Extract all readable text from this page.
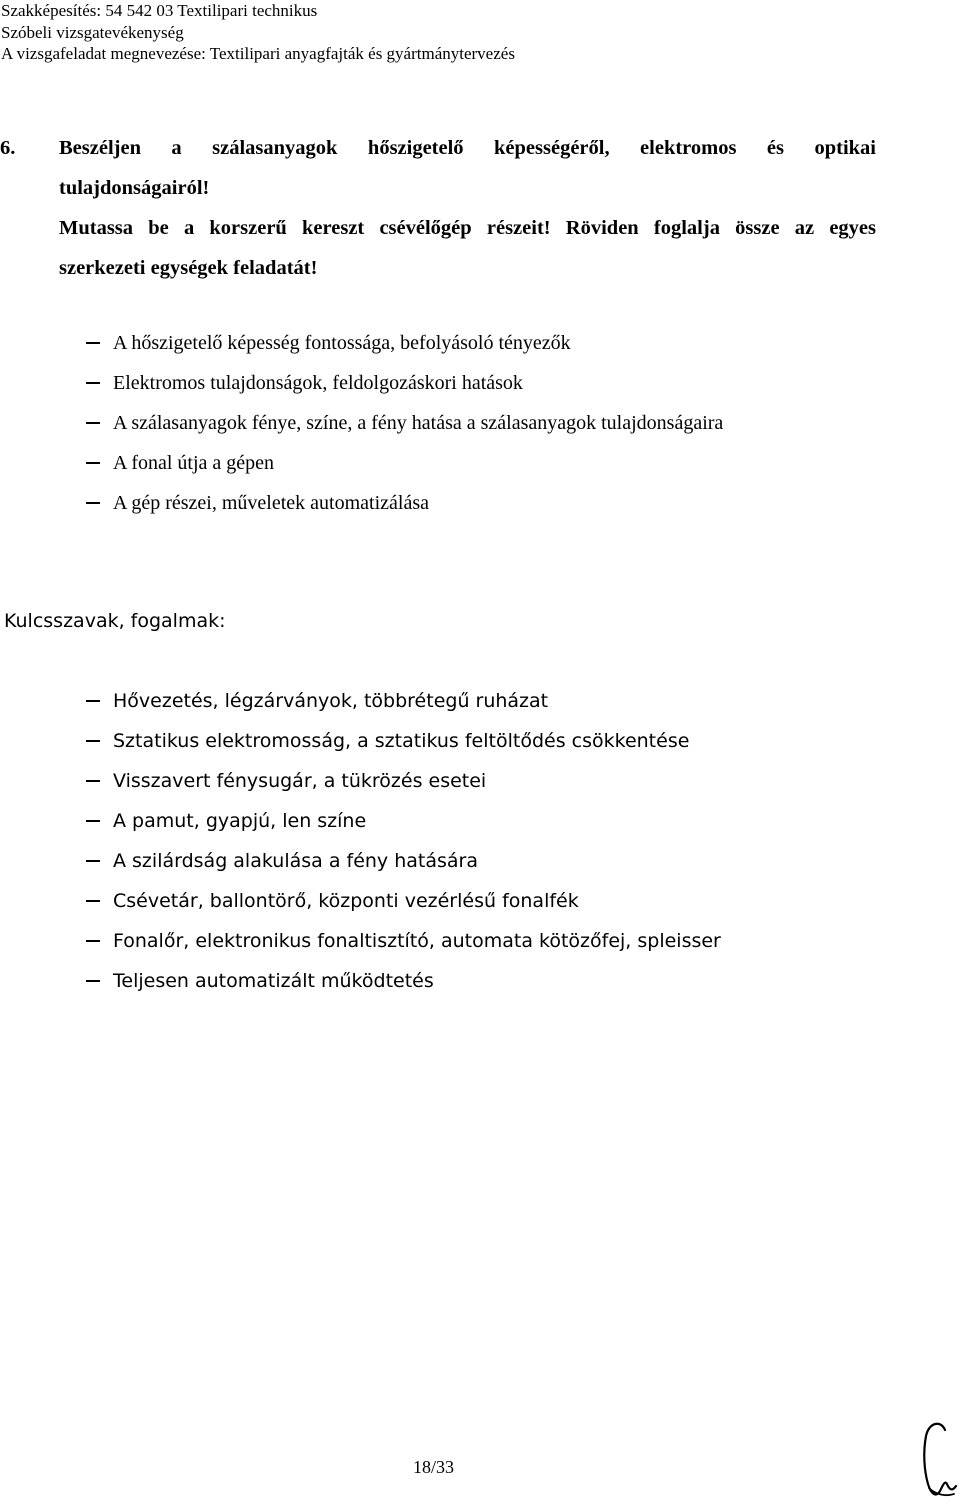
Szakképesítés: 54 542 03 Textilipari technikus
Szóbeli vizsgatevékenység
A vizsgafeladat megnevezése: Textilipari anyagfajták és gyártmánytervezés
6. Beszéljen a szálasanyagok hőszigetelő képességéről, elektromos és optikai
tulajdonságairól!
Mutassa be a korszerű kereszt csévélőgép részeit! Röviden foglalja össze az egyes
szerkezeti egységek feladatát!
A hőszigetelő képesség fontossága, befolyásoló tényezők
Elektromos tulajdonságok, feldolgozáskori hatások
A szálasanyagok fénye, színe, a fény hatása a szálasanyagok tulajdonságaira
A fonal útja a gépen
A gép részei, műveletek automatizálása
Kulcsszavak, fogalmak:
Hővezetés, légzárványok, többrétegű ruházat
Sztatikus elektromosság, a sztatikus feltöltődés csökkentése
Visszavert fénysugár, a tükrözés esetei
A pamut, gyapjú, len színe
A szilárdság alakulása a fény hatására
Csévetár, ballontörő, központi vezérlésű fonalfék
Fonalőr, elektronikus fonaltisztító, automata kötözőfej, spleisser
Teljesen automatizált működtetés
18/33
